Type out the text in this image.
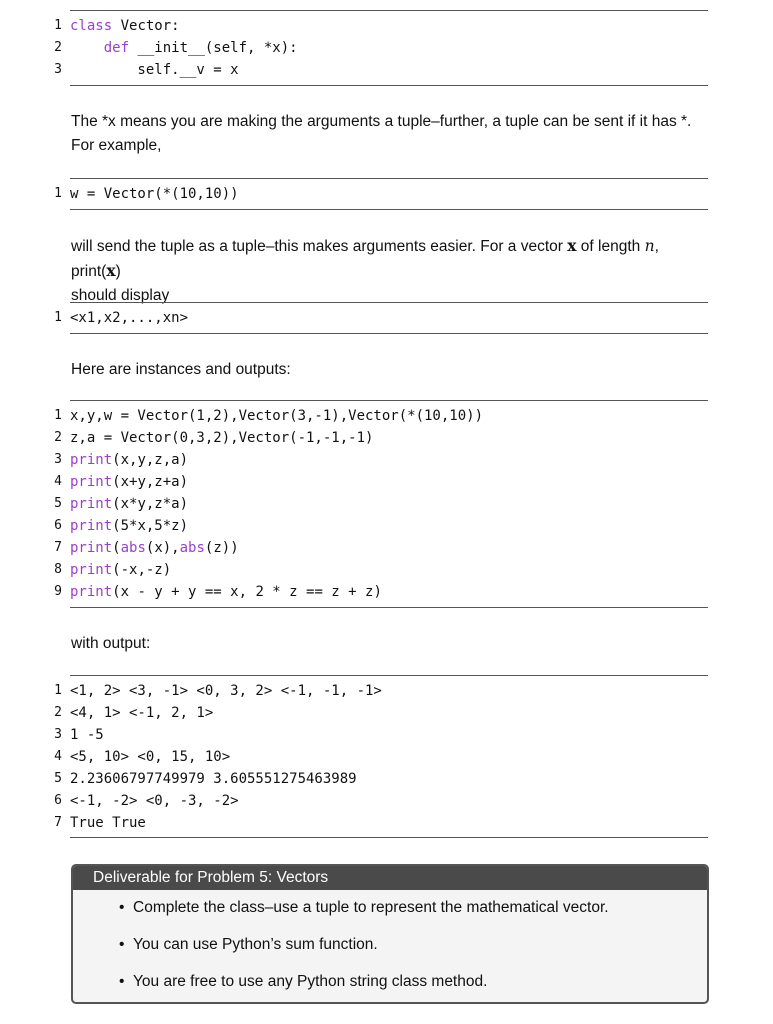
1 class Vector:
2	def __init__(self, *x):
3 self.__v = x

The *x means you are making the arguments a tuple–further, a tuple can be sent if it has *. For example,

1 w = Vector(*(10,10))

will send the tuple as a tuple–this makes arguments easier. For a vector x of length n, print(x)
should display

1 <x1,x2,...,xn>

Here are instances and outputs:

1 x,y,w = Vector(1,2),Vector(3,-1),Vector(*(10,10))
2 z,a = Vector(0,3,2),Vector(-1,-1,-1)
3 print(x,y,z,a)
4 print(x+y,z+a)
5 print(x*y,z*a)
6 print(5*x,5*z)
7 print(abs(x),abs(z))
8 print(-x,-z)
9 print(x - y + y == x, 2 * z == z + z)

with output:

1 <1, 2> <3, -1> <0, 3, 2> <-1, -1, -1>
2 <4, 1> <-1, 2, 1>
3 1 -5
4 <5, 10> <0, 15, 10>
5 2.23606797749979 3.605551275463989
6 <-1, -2> <0, -3, -2>
7 True True
Deliverable for Problem 5: Vectors
• Complete the class–use a tuple to represent the mathematical vector.
• You can use Python’s sum function.
• You are free to use any Python string class method.
